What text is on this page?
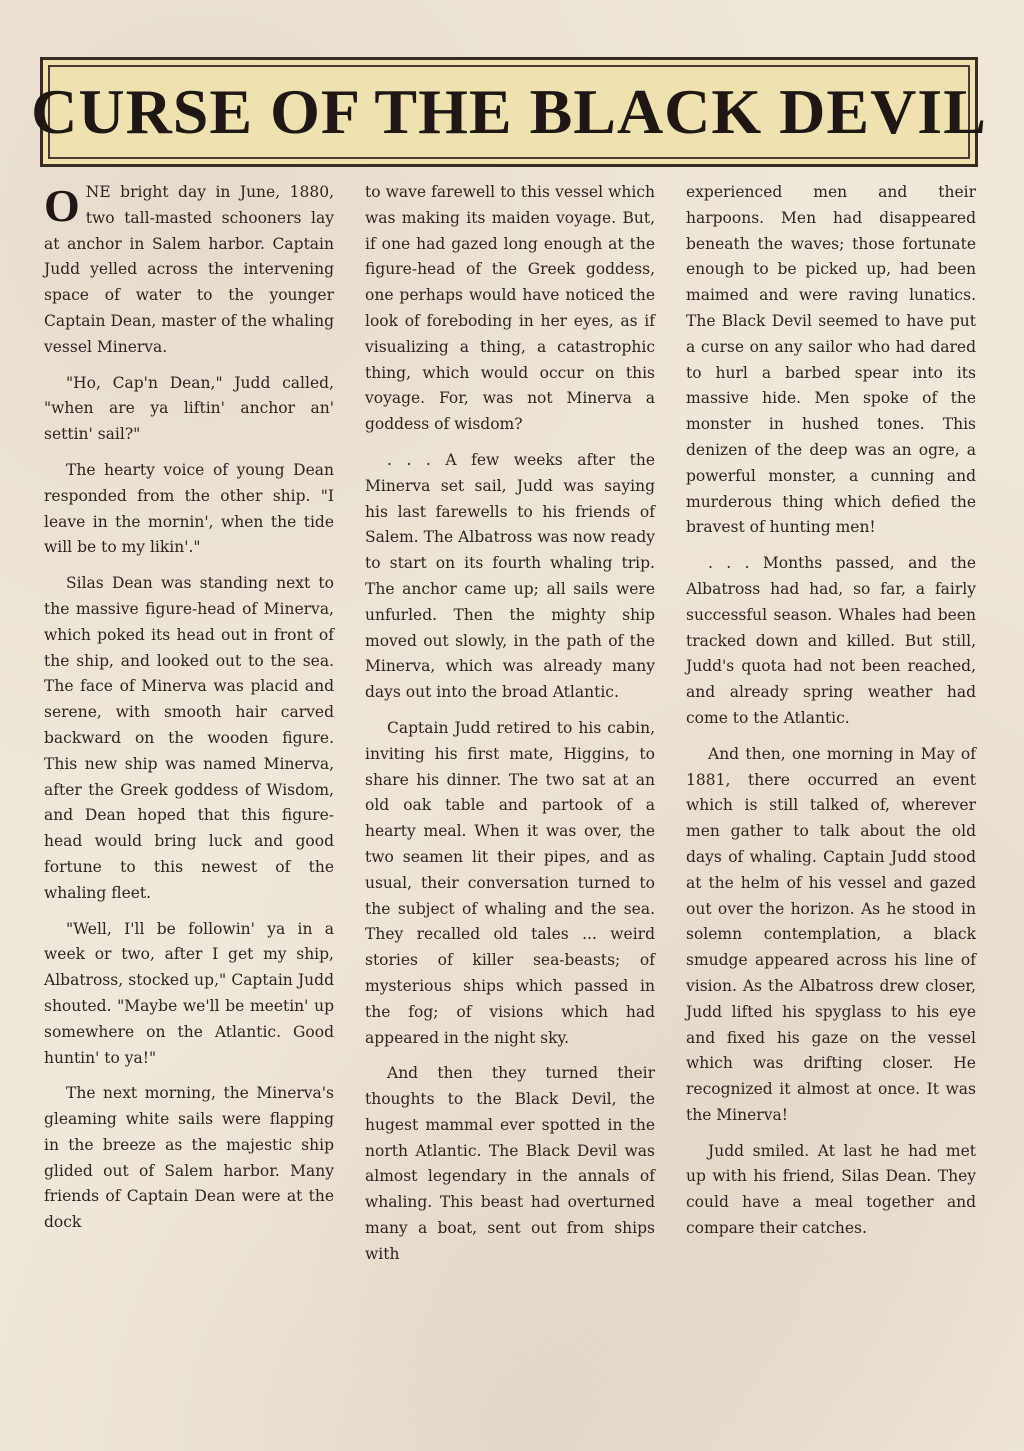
CURSE OF THE BLACK DEVIL

ONE bright day in June, 1880, two tall-masted schooners lay at anchor in Salem harbor. Captain Judd yelled across the intervening space of water to the younger Captain Dean, master of the whaling vessel Minerva.

"Ho, Cap'n Dean," Judd called, "when are ya liftin' anchor an' settin' sail?"

The hearty voice of young Dean responded from the other ship. "I leave in the mornin', when the tide will be to my likin'."

Silas Dean was standing next to the massive figure-head of Minerva, which poked its head out in front of the ship, and looked out to the sea. The face of Minerva was placid and serene, with smooth hair carved backward on the wooden figure. This new ship was named Minerva, after the Greek goddess of Wisdom, and Dean hoped that this figure-head would bring luck and good fortune to this newest of the whaling fleet.

"Well, I'll be followin' ya in a week or two, after I get my ship, Albatross, stocked up," Captain Judd shouted. "Maybe we'll be meetin' up somewhere on the Atlantic. Good huntin' to ya!"

The next morning, the Minerva's gleaming white sails were flapping in the breeze as the majestic ship glided out of Salem harbor. Many friends of Captain Dean were at the dock

to wave farewell to this vessel which was making its maiden voyage. But, if one had gazed long enough at the figure-head of the Greek goddess, one perhaps would have noticed the look of foreboding in her eyes, as if visualizing a thing, a catastrophic thing, which would occur on this voyage. For, was not Minerva a goddess of wisdom?

. . . A few weeks after the Minerva set sail, Judd was saying his last farewells to his friends of Salem. The Albatross was now ready to start on its fourth whaling trip. The anchor came up; all sails were unfurled. Then the mighty ship moved out slowly, in the path of the Minerva, which was already many days out into the broad Atlantic.

Captain Judd retired to his cabin, inviting his first mate, Higgins, to share his dinner. The two sat at an old oak table and partook of a hearty meal. When it was over, the two seamen lit their pipes, and as usual, their conversation turned to the subject of whaling and the sea. They recalled old tales ... weird stories of killer sea-beasts; of mysterious ships which passed in the fog; of visions which had appeared in the night sky.

And then they turned their thoughts to the Black Devil, the hugest mammal ever spotted in the north Atlantic. The Black Devil was almost legendary in the annals of whaling. This beast had overturned many a boat, sent out from ships with

experienced men and their harpoons. Men had disappeared beneath the waves; those fortunate enough to be picked up, had been maimed and were raving lunatics. The Black Devil seemed to have put a curse on any sailor who had dared to hurl a barbed spear into its massive hide. Men spoke of the monster in hushed tones. This denizen of the deep was an ogre, a powerful monster, a cunning and murderous thing which defied the bravest of hunting men!

. . . Months passed, and the Albatross had had, so far, a fairly successful season. Whales had been tracked down and killed. But still, Judd's quota had not been reached, and already spring weather had come to the Atlantic.

And then, one morning in May of 1881, there occurred an event which is still talked of, wherever men gather to talk about the old days of whaling. Captain Judd stood at the helm of his vessel and gazed out over the horizon. As he stood in solemn contemplation, a black smudge appeared across his line of vision. As the Albatross drew closer, Judd lifted his spyglass to his eye and fixed his gaze on the vessel which was drifting closer. He recognized it almost at once. It was the Minerva!

Judd smiled. At last he had met up with his friend, Silas Dean. They could have a meal together and compare their catches.
